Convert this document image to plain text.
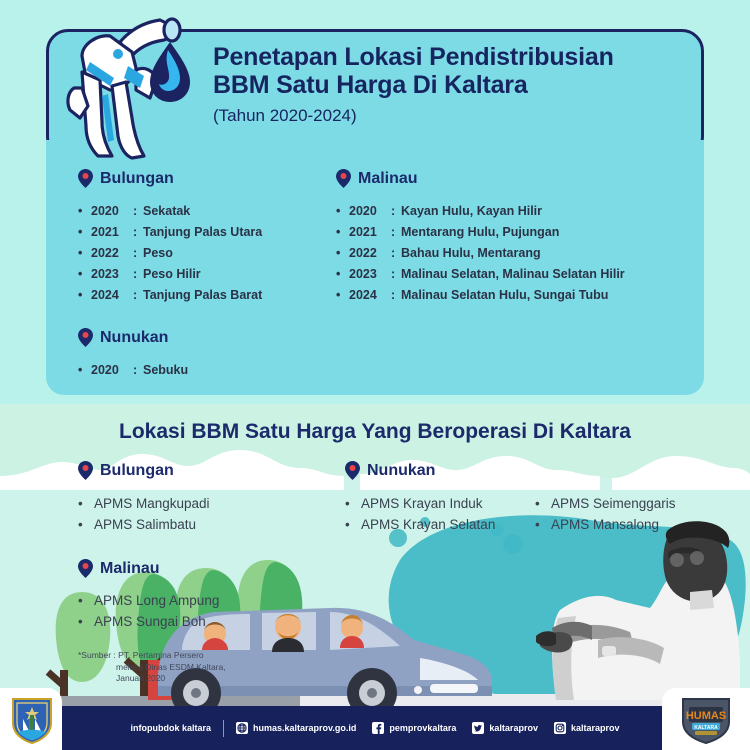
Penetapan Lokasi Pendistribusian
BBM Satu Harga Di Kaltara
(Tahun 2020-2024)
Bulungan
• 2020 : Sekatak
• 2021 : Tanjung Palas Utara
• 2022 : Peso
• 2023 : Peso Hilir
• 2024 : Tanjung Palas Barat
Malinau
• 2020 : Kayan Hulu, Kayan Hilir
• 2021 : Mentarang Hulu, Pujungan
• 2022 : Bahau Hulu, Mentarang
• 2023 : Malinau Selatan, Malinau Selatan Hilir
• 2024 : Malinau Selatan Hulu, Sungai Tubu
Nunukan
• 2020 : Sebuku
Lokasi BBM Satu Harga Yang Beroperasi Di Kaltara
Bulungan
• APMS Mangkupadi
• APMS Salimbatu
Nunukan
• APMS Krayan Induk
• APMS Krayan Selatan
• APMS Seimenggaris
• APMS Mansalong
Malinau
• APMS Long Ampung
• APMS Sungai Boh
*Sumber : PT. Pertamina Persero
melalui Dinas ESDM Kaltara,
Januari 2020
infopubdok kaltara	humas.kaltaraprov.go.id	pemprovkaltara	kaltaraprov	kaltaraprov
HUMAS
KALTARA
